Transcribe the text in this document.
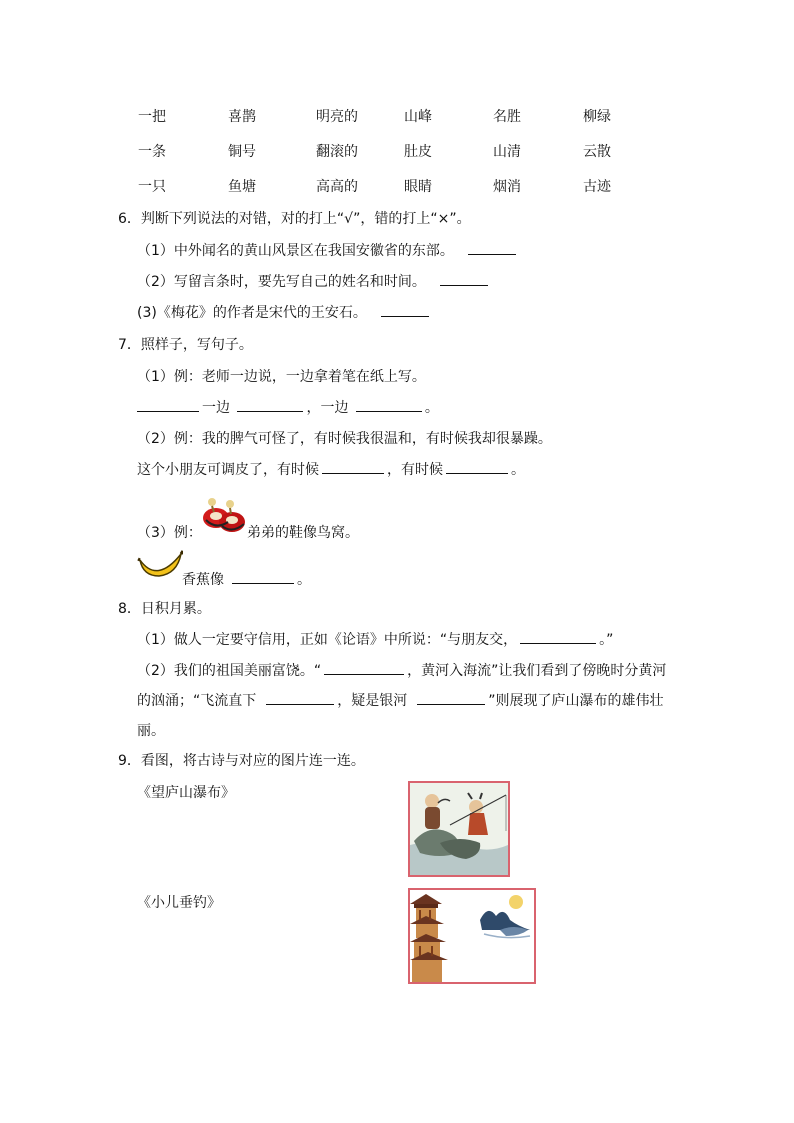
一把	喜鹊	明亮的	山峰	名胜	柳绿
一条	铜号	翻滚的	肚皮	山清	云散
一只	鱼塘	高高的	眼睛	烟消	古迹
6．判断下列说法的对错，对的打上“√”，错的打上“×”。
（1）中外闻名的黄山风景区在我国安徽省的东部。
（2）写留言条时，要先写自己的姓名和时间。
(3)《梅花》的作者是宋代的王安石。
7．照样子，写句子。
（1）例：老师一边说，一边拿着笔在纸上写。
一边	，一边	。
（2）例：我的脾气可怪了，有时候我很温和，有时候我却很暴躁。
这个小朋友可调皮了，有时候	，有时候	。
（3）例：	弟弟的鞋像鸟窝。
香蕉像	。
8．日积月累。
（1）做人一定要守信用，正如《论语》中所说：“与朋友交，	。”
（2）我们的祖国美丽富饶。“	，黄河入海流”让我们看到了傍晚时分黄河
的汹涌；“飞流直下	，疑是银河	”则展现了庐山瀑布的雄伟壮
丽。
9．看图，将古诗与对应的图片连一连。
《望庐山瀑布》
《小儿垂钓》
